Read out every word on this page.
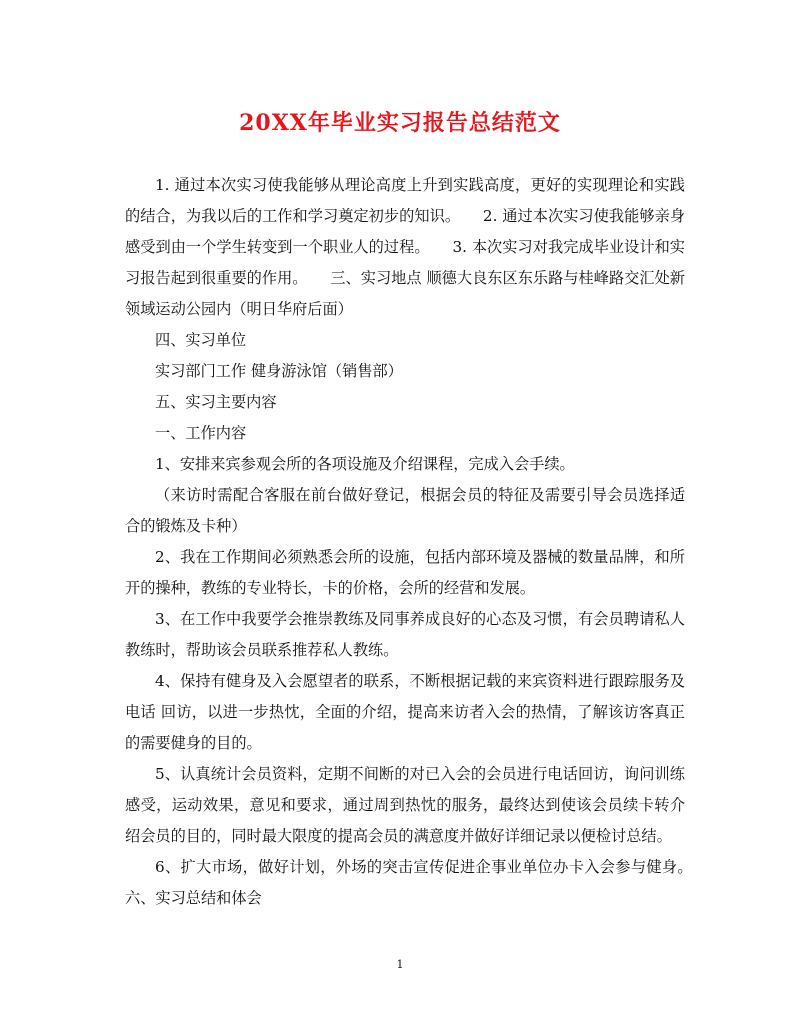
20XX年毕业实习报告总结范文

1. 通过本次实习使我能够从理论高度上升到实践高度，更好的实现理论和实践的结合，为我以后的工作和学习奠定初步的知识。　　2. 通过本次实习使我能够亲身感受到由一个学生转变到一个职业人的过程。　　3. 本次实习对我完成毕业设计和实习报告起到很重要的作用。　　三、实习地点 顺德大良东区东乐路与桂峰路交汇处新领域运动公园内（明日华府后面）

四、实习单位

实习部门工作 健身游泳馆（销售部）

五、实习主要内容

一、工作内容

1、安排来宾参观会所的各项设施及介绍课程，完成入会手续。

（来访时需配合客服在前台做好登记，根据会员的特征及需要引导会员选择适合的锻炼及卡种）

2、我在工作期间必须熟悉会所的设施，包括内部环境及器械的数量品牌，和所开的操种，教练的专业特长，卡的价格，会所的经营和发展。

3、在工作中我要学会推崇教练及同事养成良好的心态及习惯，有会员聘请私人教练时，帮助该会员联系推荐私人教练。

4、保持有健身及入会愿望者的联系，不断根据记载的来宾资料进行跟踪服务及电话 回访，以进一步热忱，全面的介绍，提高来访者入会的热情，了解该访客真正的需要健身的目的。

5、认真统计会员资料，定期不间断的对已入会的会员进行电话回访，询问训练感受，运动效果，意见和要求，通过周到热忱的服务，最终达到使该会员续卡转介绍会员的目的，同时最大限度的提高会员的满意度并做好详细记录以便检讨总结。

6、扩大市场，做好计划，外场的突击宣传促进企事业单位办卡入会参与健身。　　六、实习总结和体会

1
